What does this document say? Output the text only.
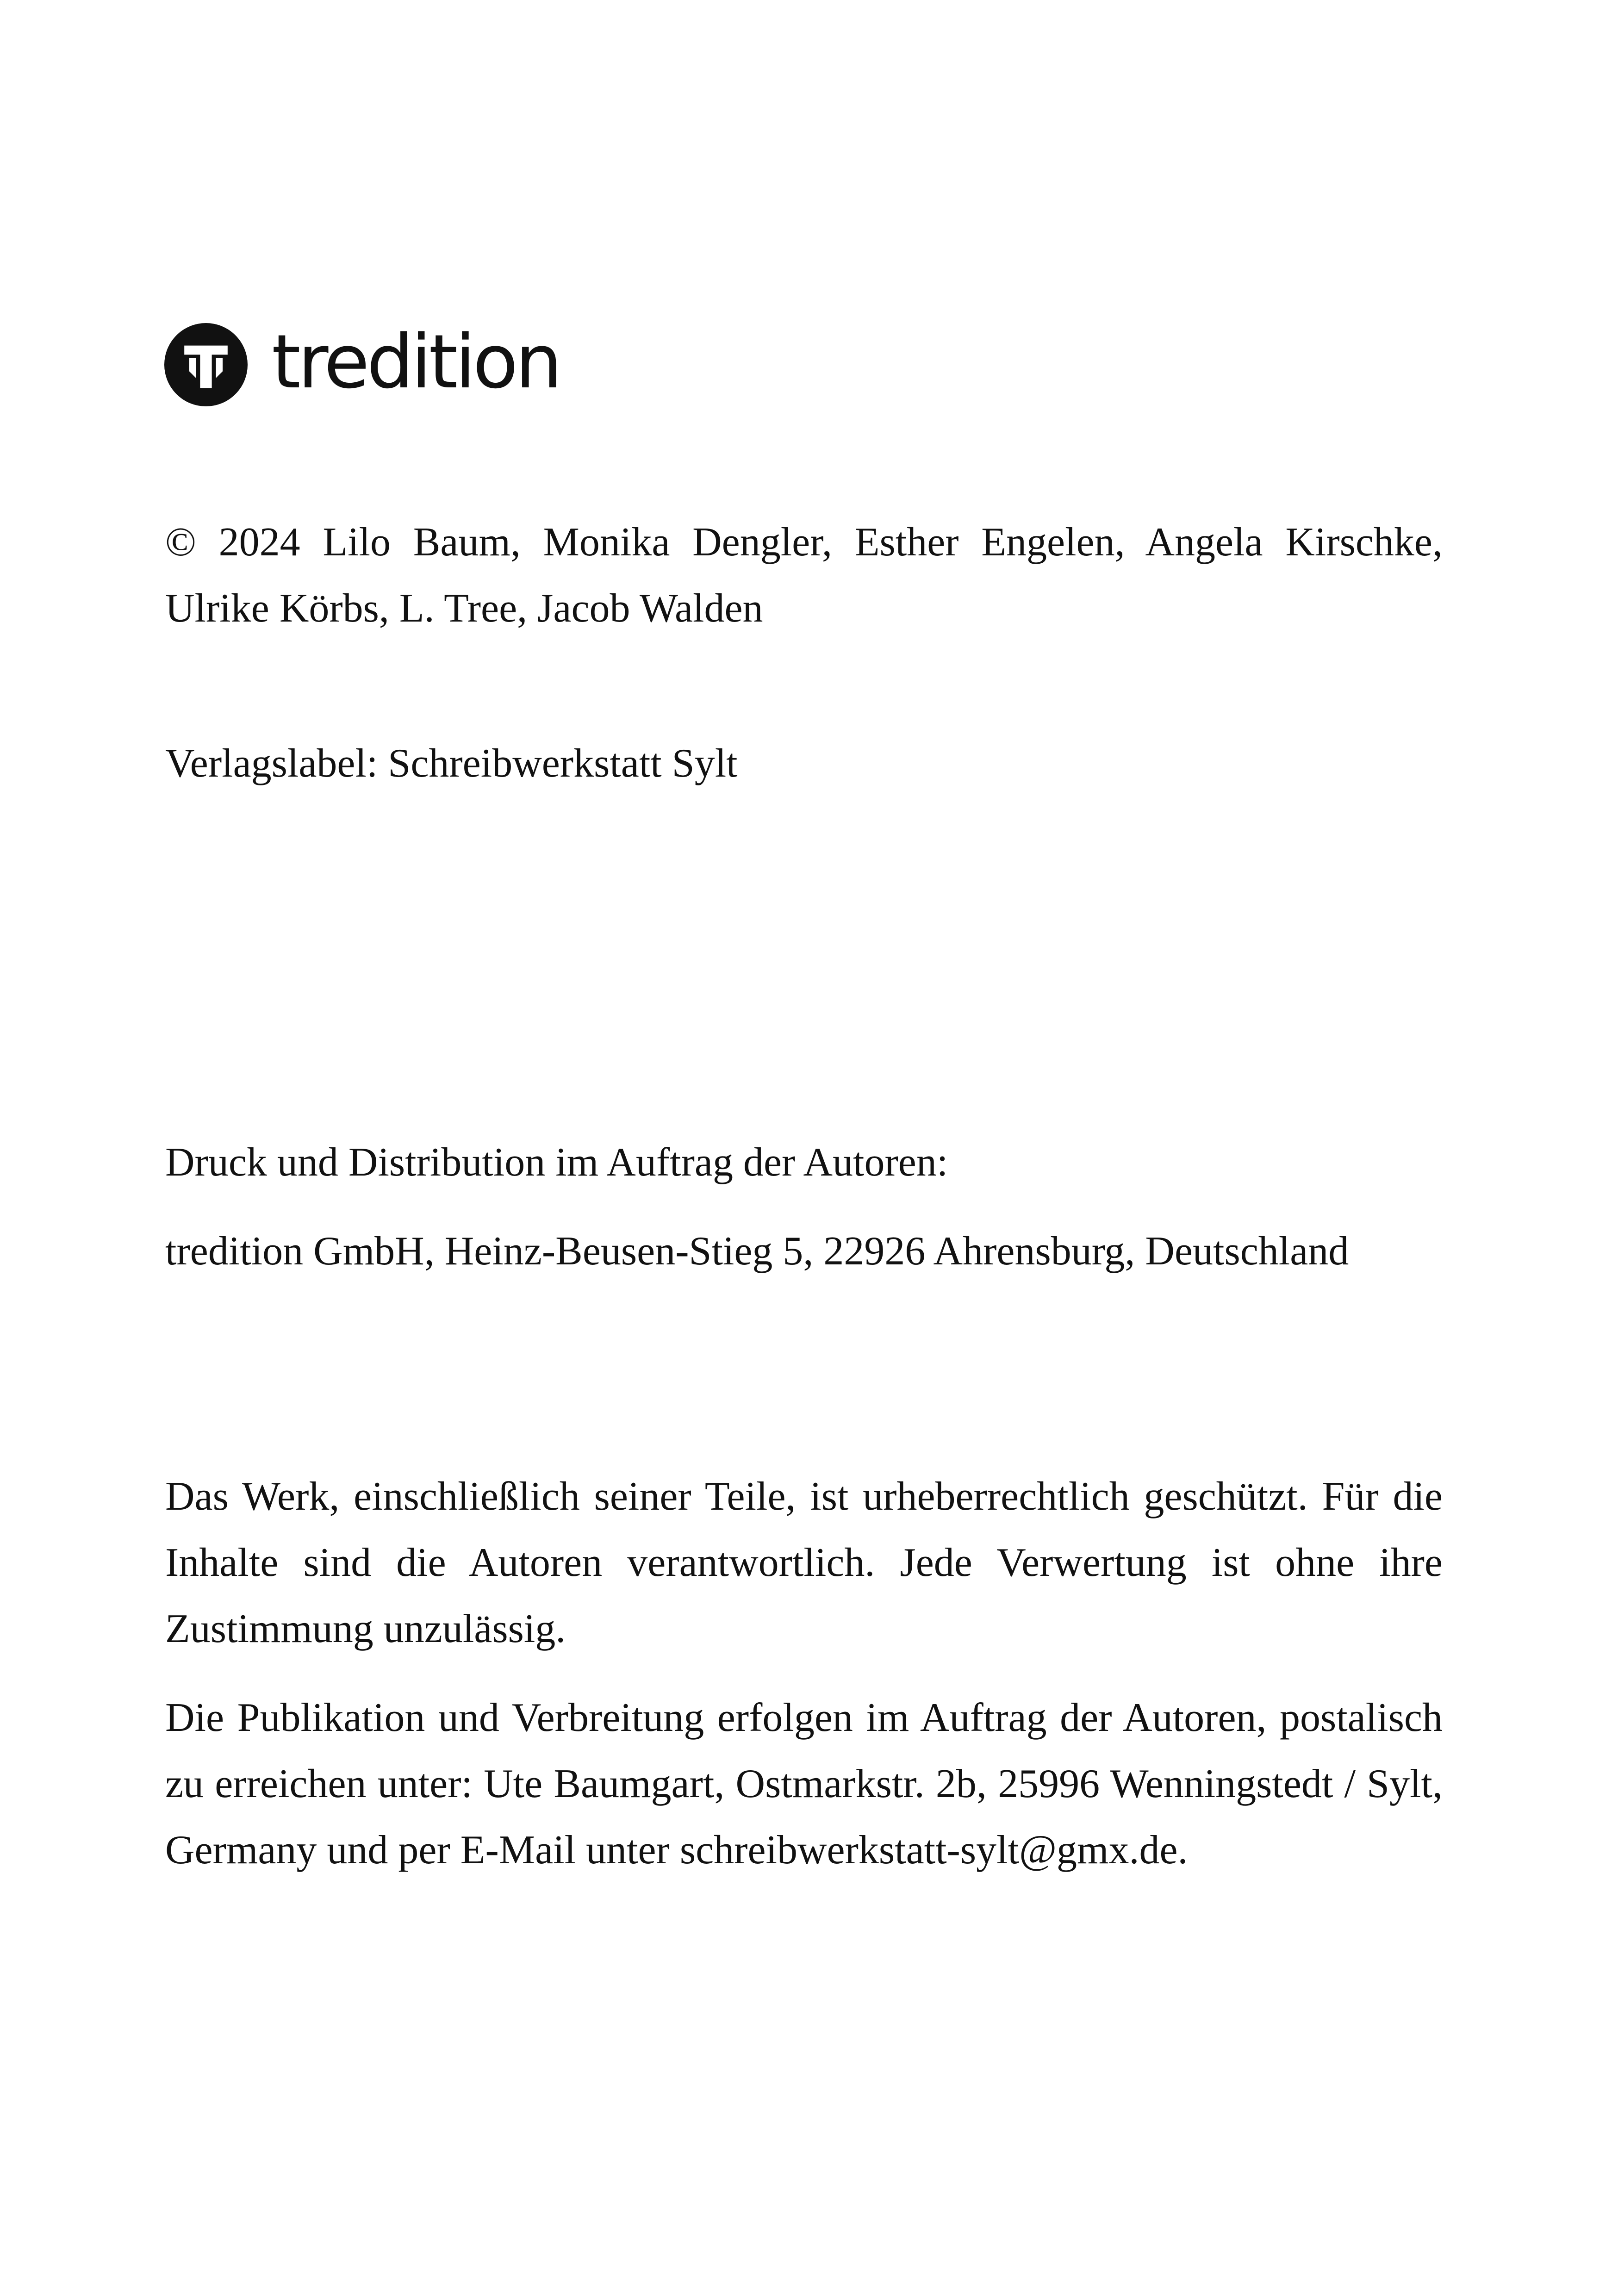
tredition

© 2024 Lilo Baum, Monika Dengler, Esther Engelen, Angela Kirschke, Ulrike Körbs, L. Tree, Jacob Walden

Verlagslabel: Schreibwerkstatt Sylt

Druck und Distribution im Auftrag der Autoren:

tredition GmbH, Heinz-Beusen-Stieg 5, 22926 Ahrensburg, Deutschland

Das Werk, einschließlich seiner Teile, ist urheberrechtlich geschützt. Für die Inhalte sind die Autoren verantwortlich. Jede Verwertung ist ohne ihre Zustimmung unzulässig.

Die Publikation und Verbreitung erfolgen im Auftrag der Autoren, postalisch zu erreichen unter: Ute Baumgart, Ostmarkstr. 2b, 25996 Wenningstedt / Sylt, Germany und per E-Mail unter schreibwerkstatt-sylt@gmx.de.
